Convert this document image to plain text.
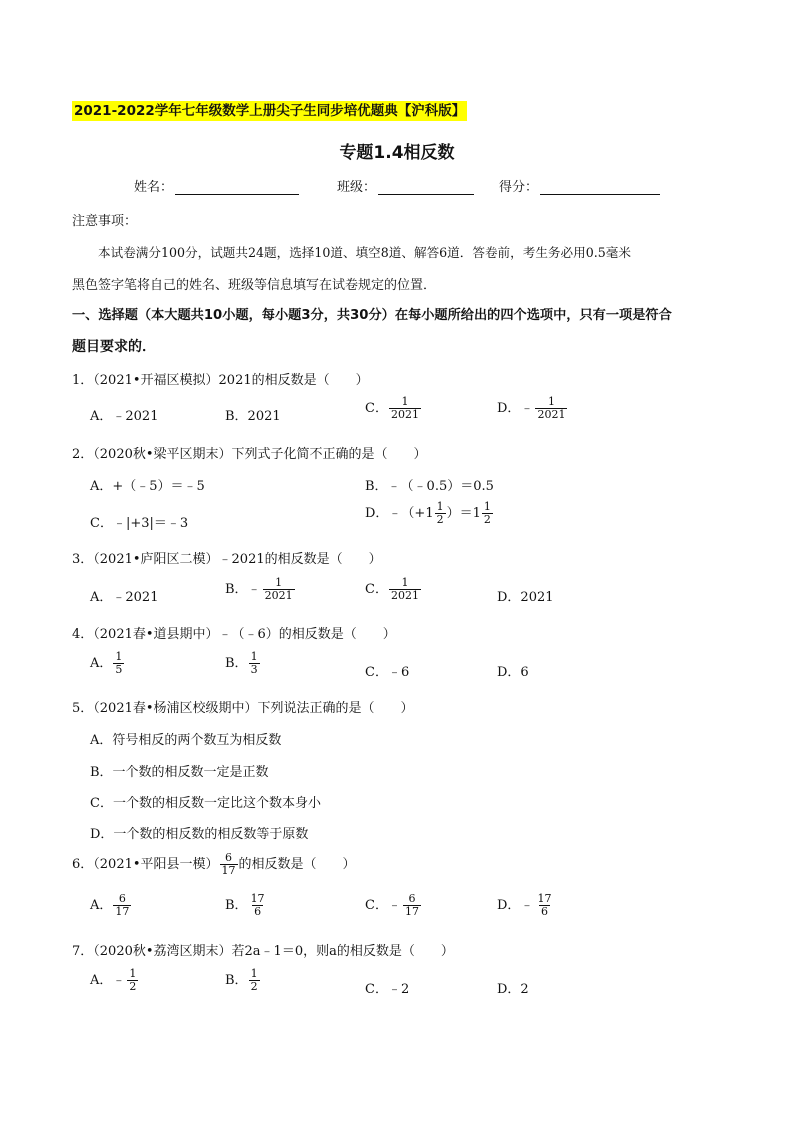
2021-2022学年七年级数学上册尖子生同步培优题典【沪科版】
专题1.4相反数
姓名：	班级：	得分：
注意事项：
本试卷满分100分，试题共24题，选择10道、填空8道、解答6道．答卷前，考生务必用0.5毫米
黑色签字笔将自己的姓名、班级等信息填写在试卷规定的位置．
一、选择题（本大题共10小题，每小题3分，共30分）在每小题所给出的四个选项中，只有一项是符合
题目要求的．
1．（2021•开福区模拟）2021的相反数是（　　）
A．﹣2021	B．2021
C． $\frac{1}{2021}$	D．﹣ $\frac{1}{2021}$
2．（2020秋•梁平区期末）下列式子化简不正确的是（　　）
A．+（﹣5）＝﹣5	B．﹣（﹣0.5）＝0.5
C．﹣|+3|＝﹣3
D．﹣（+1 $\frac{1}{2} )=1 \frac{1}{2}$
3．（2021•庐阳区二模）﹣2021的相反数是（　　）
A．﹣2021
B．﹣ $\frac{1}{2021}$	C． $\frac{1}{2021}$	D．2021
4．（2021春•道县期中）﹣（﹣6）的相反数是（　　）
A． $\frac{1}{5}$	B． $\frac{1}{3}$	C．﹣6	D．6
5．（2021春•杨浦区校级期中）下列说法正确的是（　　）
A．符号相反的两个数互为相反数
B．一个数的相反数一定是正数
C．一个数的相反数一定比这个数本身小
D．一个数的相反数的相反数等于原数
6．（2021•平阳县一模） $\frac{6}{17}$ 的相反数是（　　）
A． $\frac{6}{17}$	B． $\frac{17}{6}$	C．﹣ $\frac{6}{17}$	D．﹣ $\frac{17}{6}$
7．（2020秋•荔湾区期末）若2a﹣1＝0，则a的相反数是（　　）
A．﹣ $\frac{1}{2}$	B． $\frac{1}{2}$	C．﹣2	D．2
